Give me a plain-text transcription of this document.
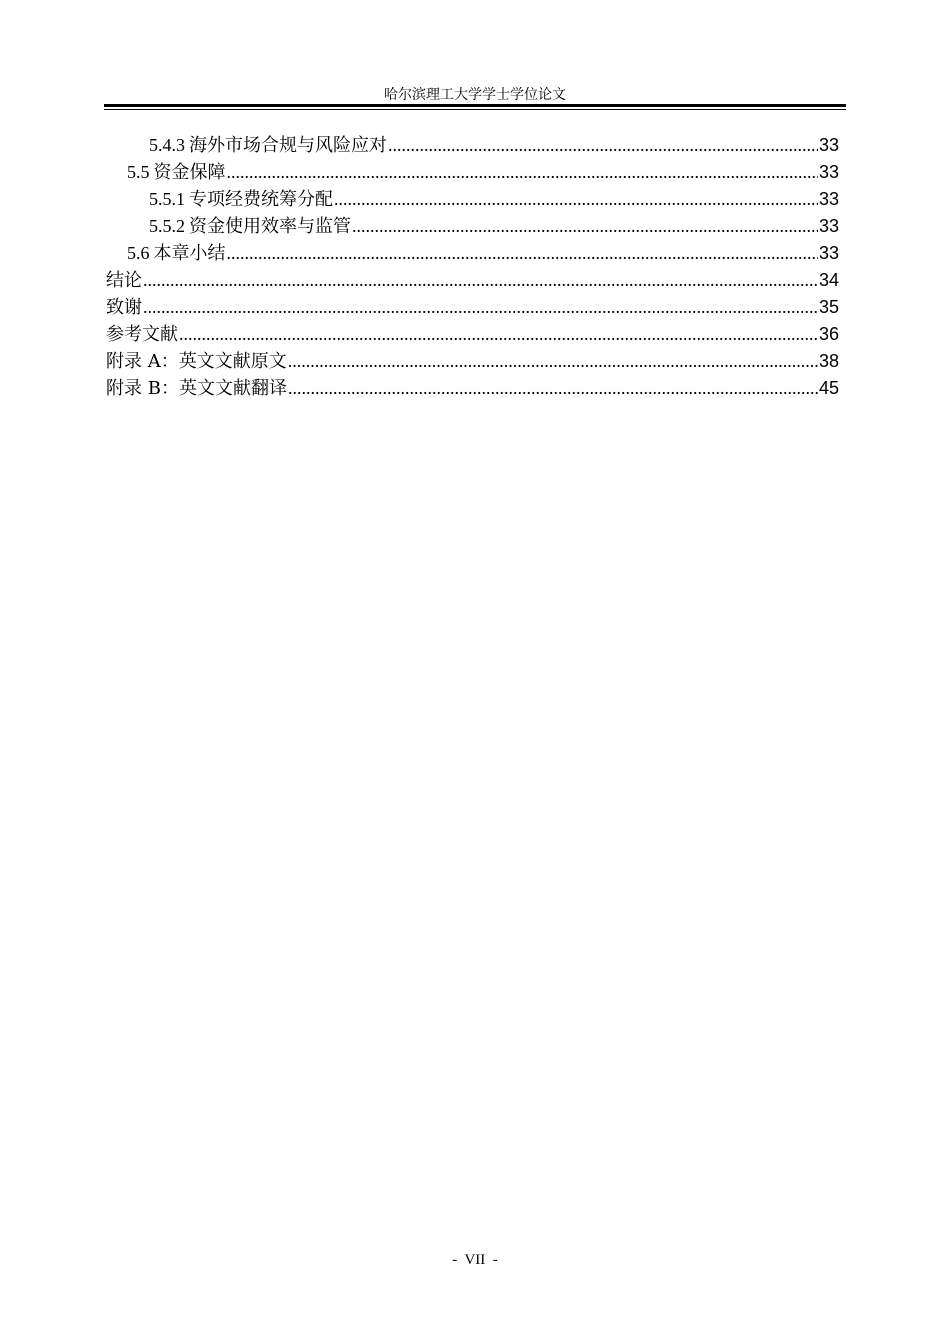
哈尔滨理工大学学士学位论文
5.4.3 海外市场合规与风险应对 .....	33
5.5 资金保障 .....	33
5.5.1 专项经费统筹分配 .....	33
5.5.2 资金使用效率与监管 .....	33
5.6 本章小结 .....	33
结论 .....	34
致谢 .....	35
参考文献 .....	36
附录 A：英文文献原文 .....	38
附录 B：英文文献翻译 .....	45
-  VII  -
